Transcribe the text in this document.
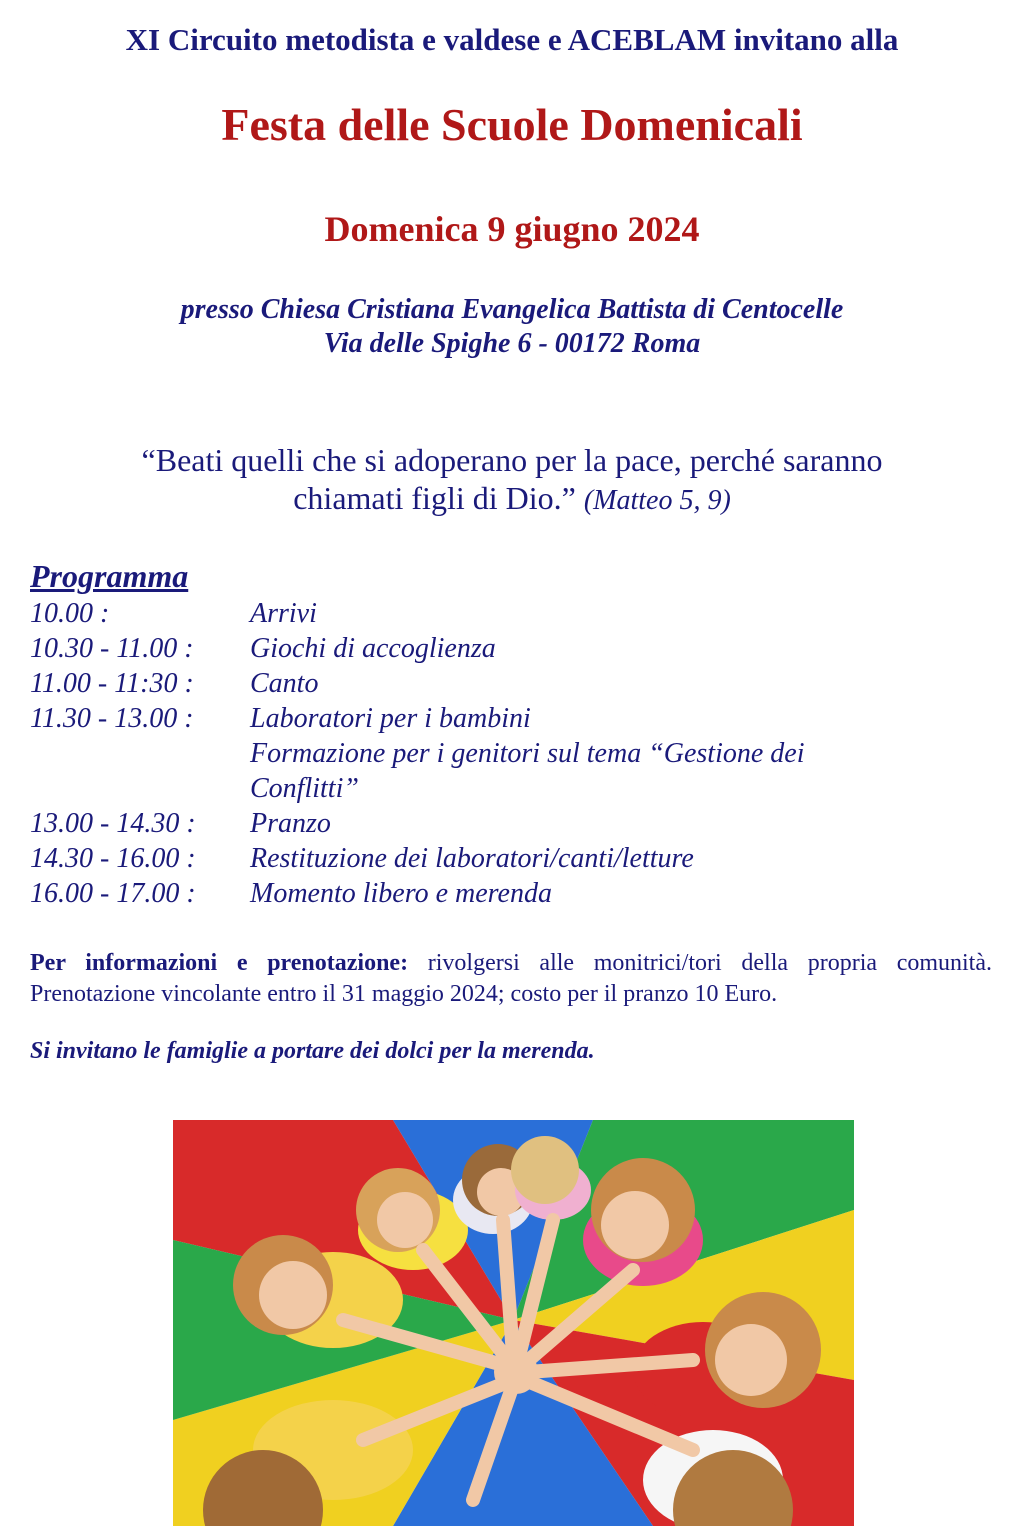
XI Circuito metodista e valdese e ACEBLAM invitano alla
Festa delle Scuole Domenicali
Domenica 9 giugno 2024
presso Chiesa Cristiana Evangelica Battista di Centocelle
Via delle Spighe 6 - 00172 Roma
“Beati quelli che si adoperano per la pace, perché saranno
chiamati figli di Dio.” (Matteo 5, 9)
Programma
10.00 :	Arrivi
10.30 - 11.00 :	Giochi di accoglienza
11.00 - 11:30 :	Canto
11.30 - 13.00 :	Laboratori per i bambini
Formazione per i genitori sul tema “Gestione dei
Conflitti”
13.00 - 14.30 :	Pranzo
14.30 - 16.00 :	Restituzione dei laboratori/canti/letture
16.00 - 17.00 :	Momento libero e merenda

Per informazioni e prenotazione: rivolgersi alle monitrici/tori della propria comunità. Prenotazione vincolante entro il 31 maggio 2024; costo per il pranzo 10 Euro.

Si invitano le famiglie a portare dei dolci per la merenda.
